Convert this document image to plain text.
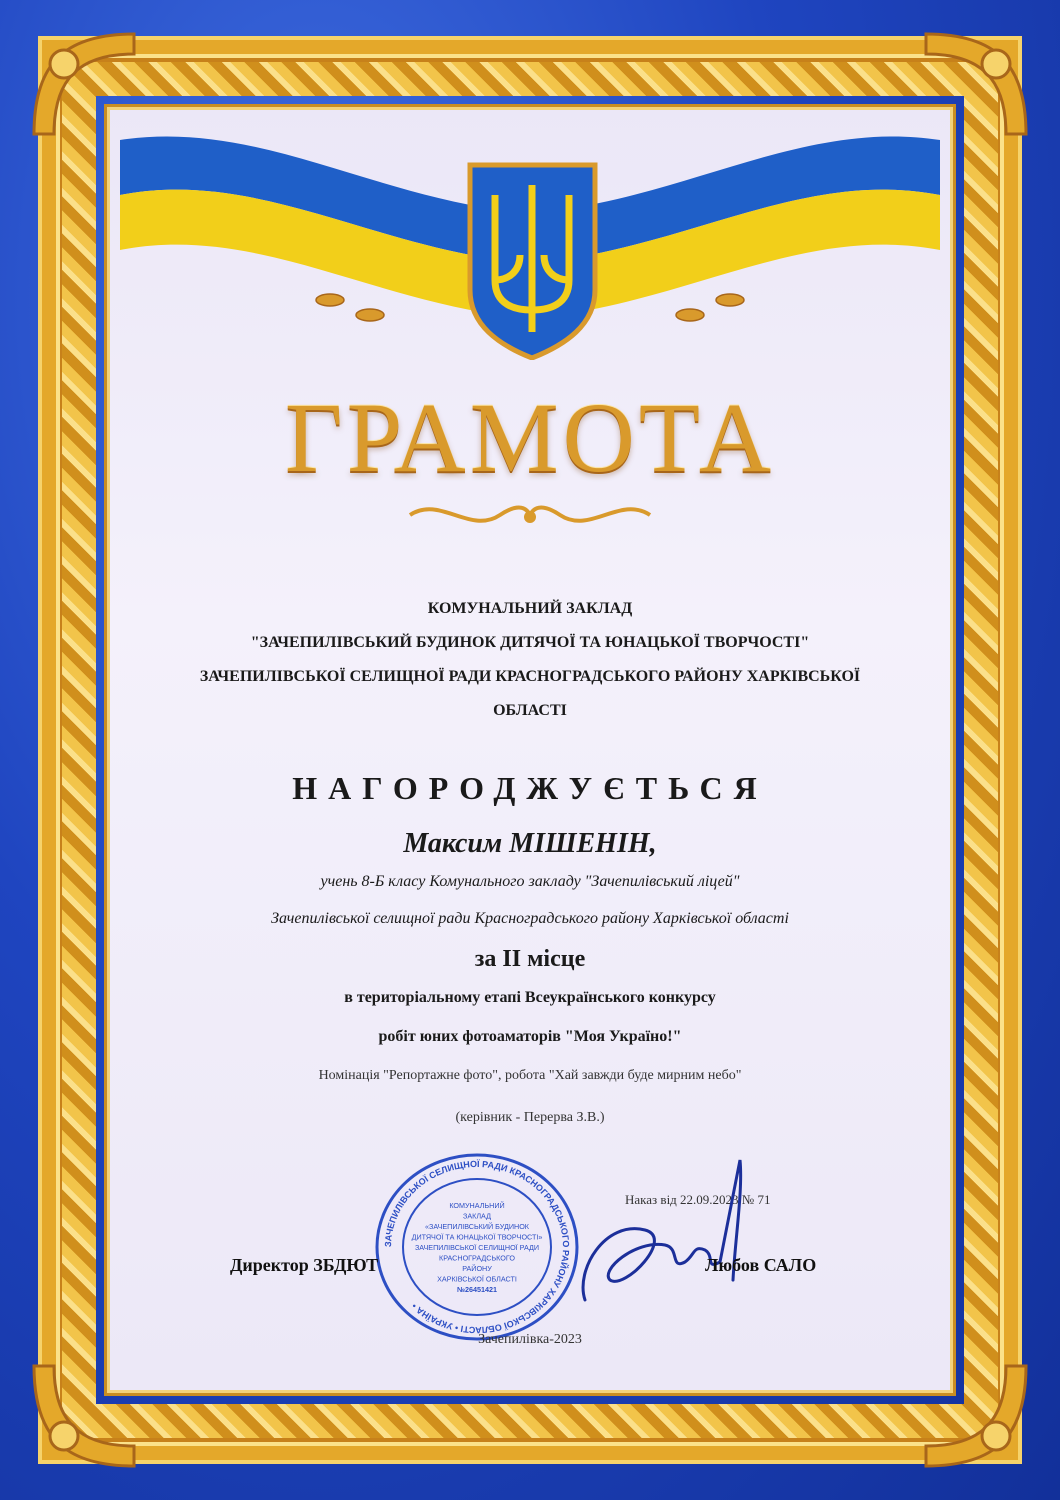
ГРАМОТА
КОМУНАЛЬНИЙ ЗАКЛАД
"ЗАЧЕПИЛІВСЬКИЙ БУДИНОК ДИТЯЧОЇ ТА ЮНАЦЬКОЇ ТВОРЧОСТІ"
ЗАЧЕПИЛІВСЬКОЇ СЕЛИЩНОЇ РАДИ КРАСНОГРАДСЬКОГО РАЙОНУ ХАРКІВСЬКОЇ
ОБЛАСТІ
НАГОРОДЖУЄТЬСЯ
Максим МІШЕНІН,
учень 8-Б класу Комунального закладу "Зачепилівський ліцей"
Зачепилівської селищної ради Красноградського району Харківської області
за II місце
в територіальному етапі Всеукраїнського конкурсу
робіт юних фотоаматорів "Моя Україно!"
Номінація "Репортажне фото", робота "Хай завжди буде мирним небо"
(керівник - Перерва З.В.)
ЗАЧЕПИЛІВСЬКОЇ СЕЛИЩНОЇ РАДИ КРАСНОГРАДСЬКОГО РАЙОНУ ХАРКІВСЬКОЇ ОБЛАСТІ • УКРАЇНА •
КОМУНАЛЬНИЙ
ЗАКЛАД
«ЗАЧЕПИЛІВСЬКИЙ БУДИНОК
ДИТЯЧОЇ ТА ЮНАЦЬКОЇ ТВОРЧОСТІ»
ЗАЧЕПИЛІВСЬКОЇ СЕЛИЩНОЇ РАДИ
КРАСНОГРАДСЬКОГО
РАЙОНУ
ХАРКІВСЬКОЇ ОБЛАСТІ
№26451421
Наказ від 22.09.2023 № 71
Директор ЗБДЮТ	Любов САЛО
Зачепилівка-2023
